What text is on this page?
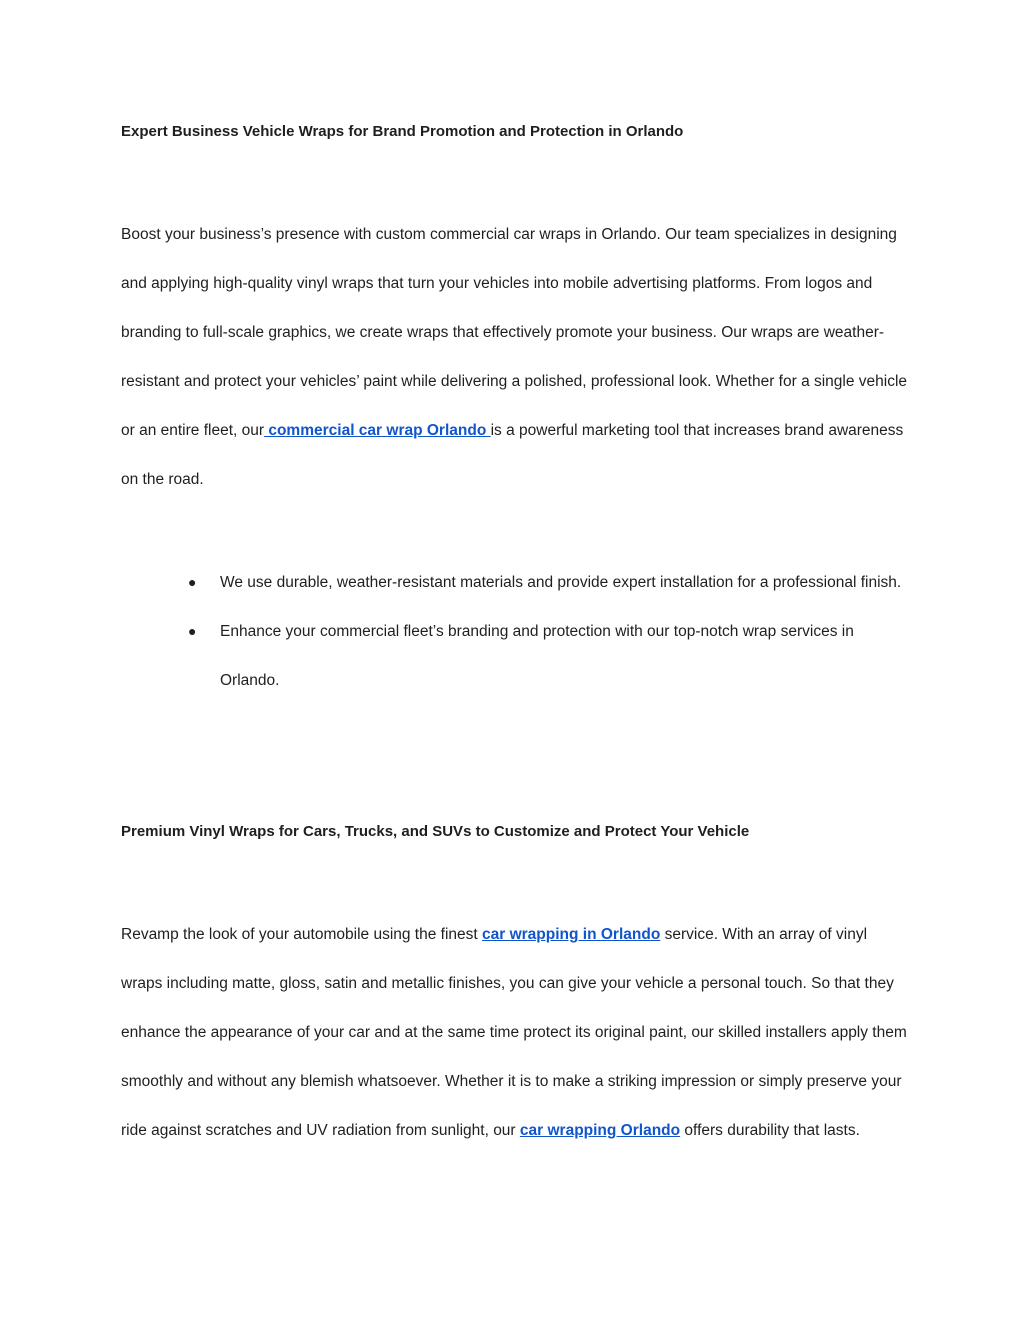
Expert Business Vehicle Wraps for Brand Promotion and Protection in Orlando

Boost your business’s presence with custom commercial car wraps in Orlando. Our team specializes in designing and applying high-quality vinyl wraps that turn your vehicles into mobile advertising platforms. From logos and branding to full-scale graphics, we create wraps that effectively promote your business. Our wraps are weather-resistant and protect your vehicles’ paint while delivering a polished, professional look. Whether for a single vehicle or an entire fleet, our commercial car wrap Orlando is a powerful marketing tool that increases brand awareness on the road.

● We use durable, weather-resistant materials and provide expert installation for a professional finish.
● Enhance your commercial fleet’s branding and protection with our top-notch wrap services in Orlando.
Premium Vinyl Wraps for Cars, Trucks, and SUVs to Customize and Protect Your Vehicle

Revamp the look of your automobile using the finest car wrapping in Orlando service. With an array of vinyl wraps including matte, gloss, satin and metallic finishes, you can give your vehicle a personal touch. So that they enhance the appearance of your car and at the same time protect its original paint, our skilled installers apply them smoothly and without any blemish whatsoever. Whether it is to make a striking impression or simply preserve your ride against scratches and UV radiation from sunlight, our car wrapping Orlando offers durability that lasts.
